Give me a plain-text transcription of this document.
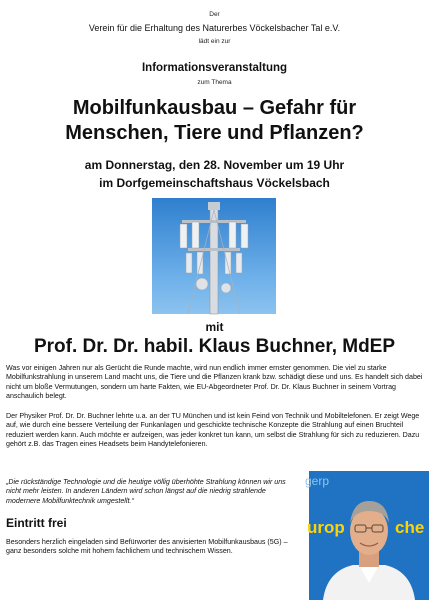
Der
Verein für die Erhaltung des Naturerbes Vöckelsbacher Tal e.V.
lädt ein zur
Informationsveranstaltung
zum Thema
Mobilfunkausbau – Gefahr für
Menschen, Tiere und Pflanzen?
am Donnerstag, den 28. November um 19 Uhr
im Dorfgemeinschaftshaus Vöckelsbach
mit
Prof. Dr. Dr. habil. Klaus Buchner, MdEP

Was vor einigen Jahren nur als Gerücht die Runde machte, wird nun endlich immer ernster genommen. Die viel zu starke Mobilfunkstrahlung in unserem Land macht uns, die Tiere und die Pflanzen krank bzw. schädigt diese und uns. Es handelt sich dabei nicht um bloße Vermutungen, sondern um harte Fakten, wie EU-Abgeordneter Prof. Dr. Dr. Klaus Buchner in seinem Vortrag anschaulich belegt.

Der Physiker Prof. Dr. Dr. Buchner lehrte u.a. an der TU München und ist kein Feind von Technik und Mobiltelefonen. Er zeigt Wege auf, wie durch eine bessere Verteilung der Funkanlagen und geschickte technische Konzepte die Strahlung auf einen Bruchteil reduziert werden kann. Auch möchte er aufzeigen, was jeder konkret tun kann, um selbst die Strahlung für sich zu reduzieren. Dazu gehört z.B. das Tragen eines Headsets beim Handytelefonieren.

„Die rückständige Technologie und die heutige völlig überhöhte Strahlung können wir uns nicht mehr leisten. In anderen Ländern wird schon längst auf die niedrig strahlende modernere Mobilfunktechnik umgestellt.“

Eintritt frei

Besonders herzlich eingeladen sind Befürworter des anvisierten Mobilfunkausbaus (5G) – ganz besonders solche mit hohem fachlichem und technischem Wissen.

gerp
urop	che
